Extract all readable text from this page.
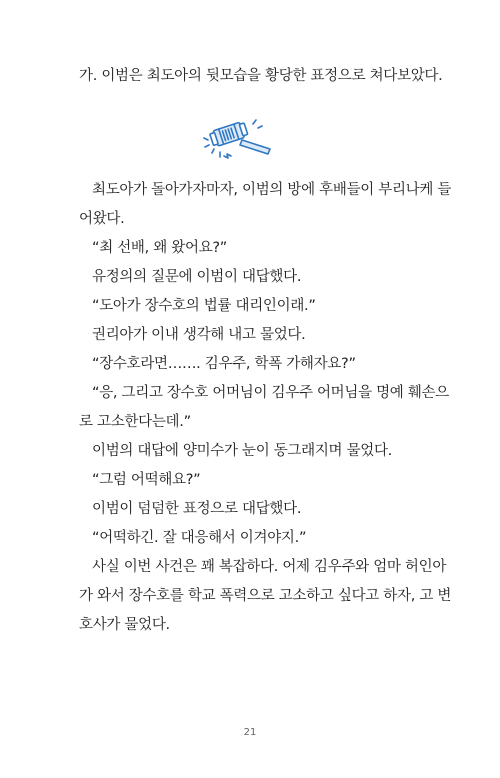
가. 이범은 최도아의 뒷모습을 황당한 표정으로 쳐다보았다.
최도아가 돌아가자마자, 이범의 방에 후배들이 부리나케 들
어왔다.
“최 선배, 왜 왔어요?”
유정의의 질문에 이범이 대답했다.
“도아가 장수호의 법률 대리인이래.”
권리아가 이내 생각해 내고 물었다.
“장수호라면……. 김우주, 학폭 가해자요?”
“응, 그리고 장수호 어머님이 김우주 어머님을 명예 훼손으
로 고소한다는데.”
이범의 대답에 양미수가 눈이 동그래지며 물었다.
“그럼 어떡해요?”
이범이 덤덤한 표정으로 대답했다.
“어떡하긴. 잘 대응해서 이겨야지.”
사실 이번 사건은 꽤 복잡하다. 어제 김우주와 엄마 허인아
가 와서 장수호를 학교 폭력으로 고소하고 싶다고 하자, 고 변
호사가 물었다.
21
